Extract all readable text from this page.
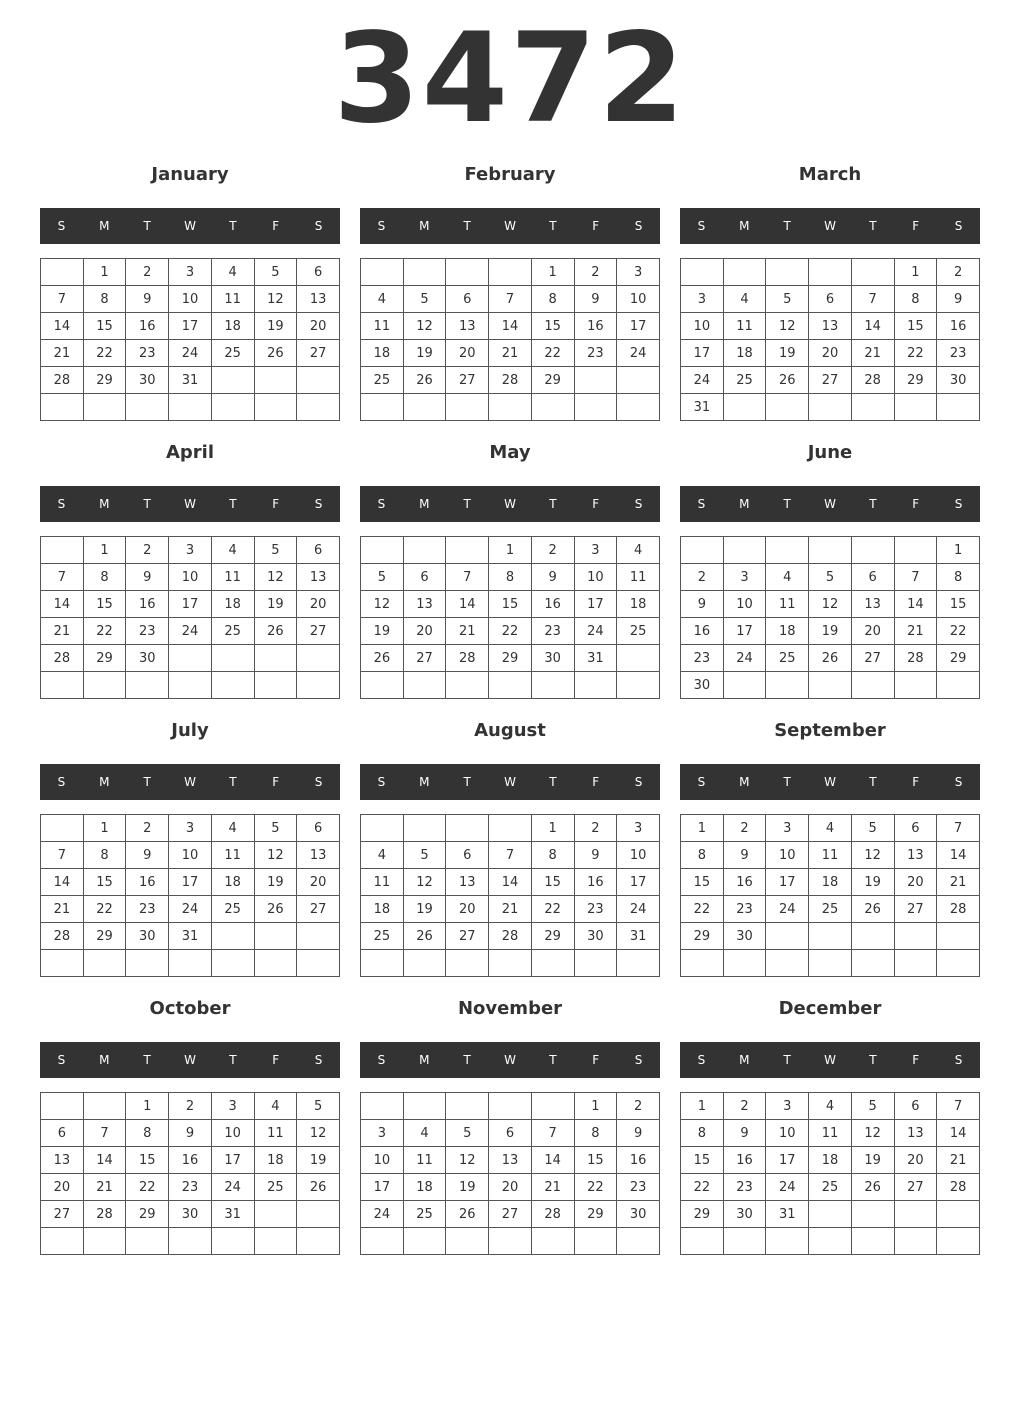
3472
January
S	M	T	W	T	F	S
	1	2	3	4	5	6
7	8	9	10	11	12	13
14	15	16	17	18	19	20
21	22	23	24	25	26	27
28	29	30	31			

February
S	M	T	W	T	F	S
				1	2	3
4	5	6	7	8	9	10
11	12	13	14	15	16	17
18	19	20	21	22	23	24
25	26	27	28	29		

March
S	M	T	W	T	F	S
					1	2
3	4	5	6	7	8	9
10	11	12	13	14	15	16
17	18	19	20	21	22	23
24	25	26	27	28	29	30
31						
April
S	M	T	W	T	F	S
	1	2	3	4	5	6
7	8	9	10	11	12	13
14	15	16	17	18	19	20
21	22	23	24	25	26	27
28	29	30				

May
S	M	T	W	T	F	S
			1	2	3	4
5	6	7	8	9	10	11
12	13	14	15	16	17	18
19	20	21	22	23	24	25
26	27	28	29	30	31	

June
S	M	T	W	T	F	S
						1
2	3	4	5	6	7	8
9	10	11	12	13	14	15
16	17	18	19	20	21	22
23	24	25	26	27	28	29
30						
July
S	M	T	W	T	F	S
	1	2	3	4	5	6
7	8	9	10	11	12	13
14	15	16	17	18	19	20
21	22	23	24	25	26	27
28	29	30	31			

August
S	M	T	W	T	F	S
				1	2	3
4	5	6	7	8	9	10
11	12	13	14	15	16	17
18	19	20	21	22	23	24
25	26	27	28	29	30	31

September
S	M	T	W	T	F	S
1	2	3	4	5	6	7
8	9	10	11	12	13	14
15	16	17	18	19	20	21
22	23	24	25	26	27	28
29	30					

October
S	M	T	W	T	F	S
		1	2	3	4	5
6	7	8	9	10	11	12
13	14	15	16	17	18	19
20	21	22	23	24	25	26
27	28	29	30	31		

November
S	M	T	W	T	F	S
					1	2
3	4	5	6	7	8	9
10	11	12	13	14	15	16
17	18	19	20	21	22	23
24	25	26	27	28	29	30

December
S	M	T	W	T	F	S
1	2	3	4	5	6	7
8	9	10	11	12	13	14
15	16	17	18	19	20	21
22	23	24	25	26	27	28
29	30	31				
